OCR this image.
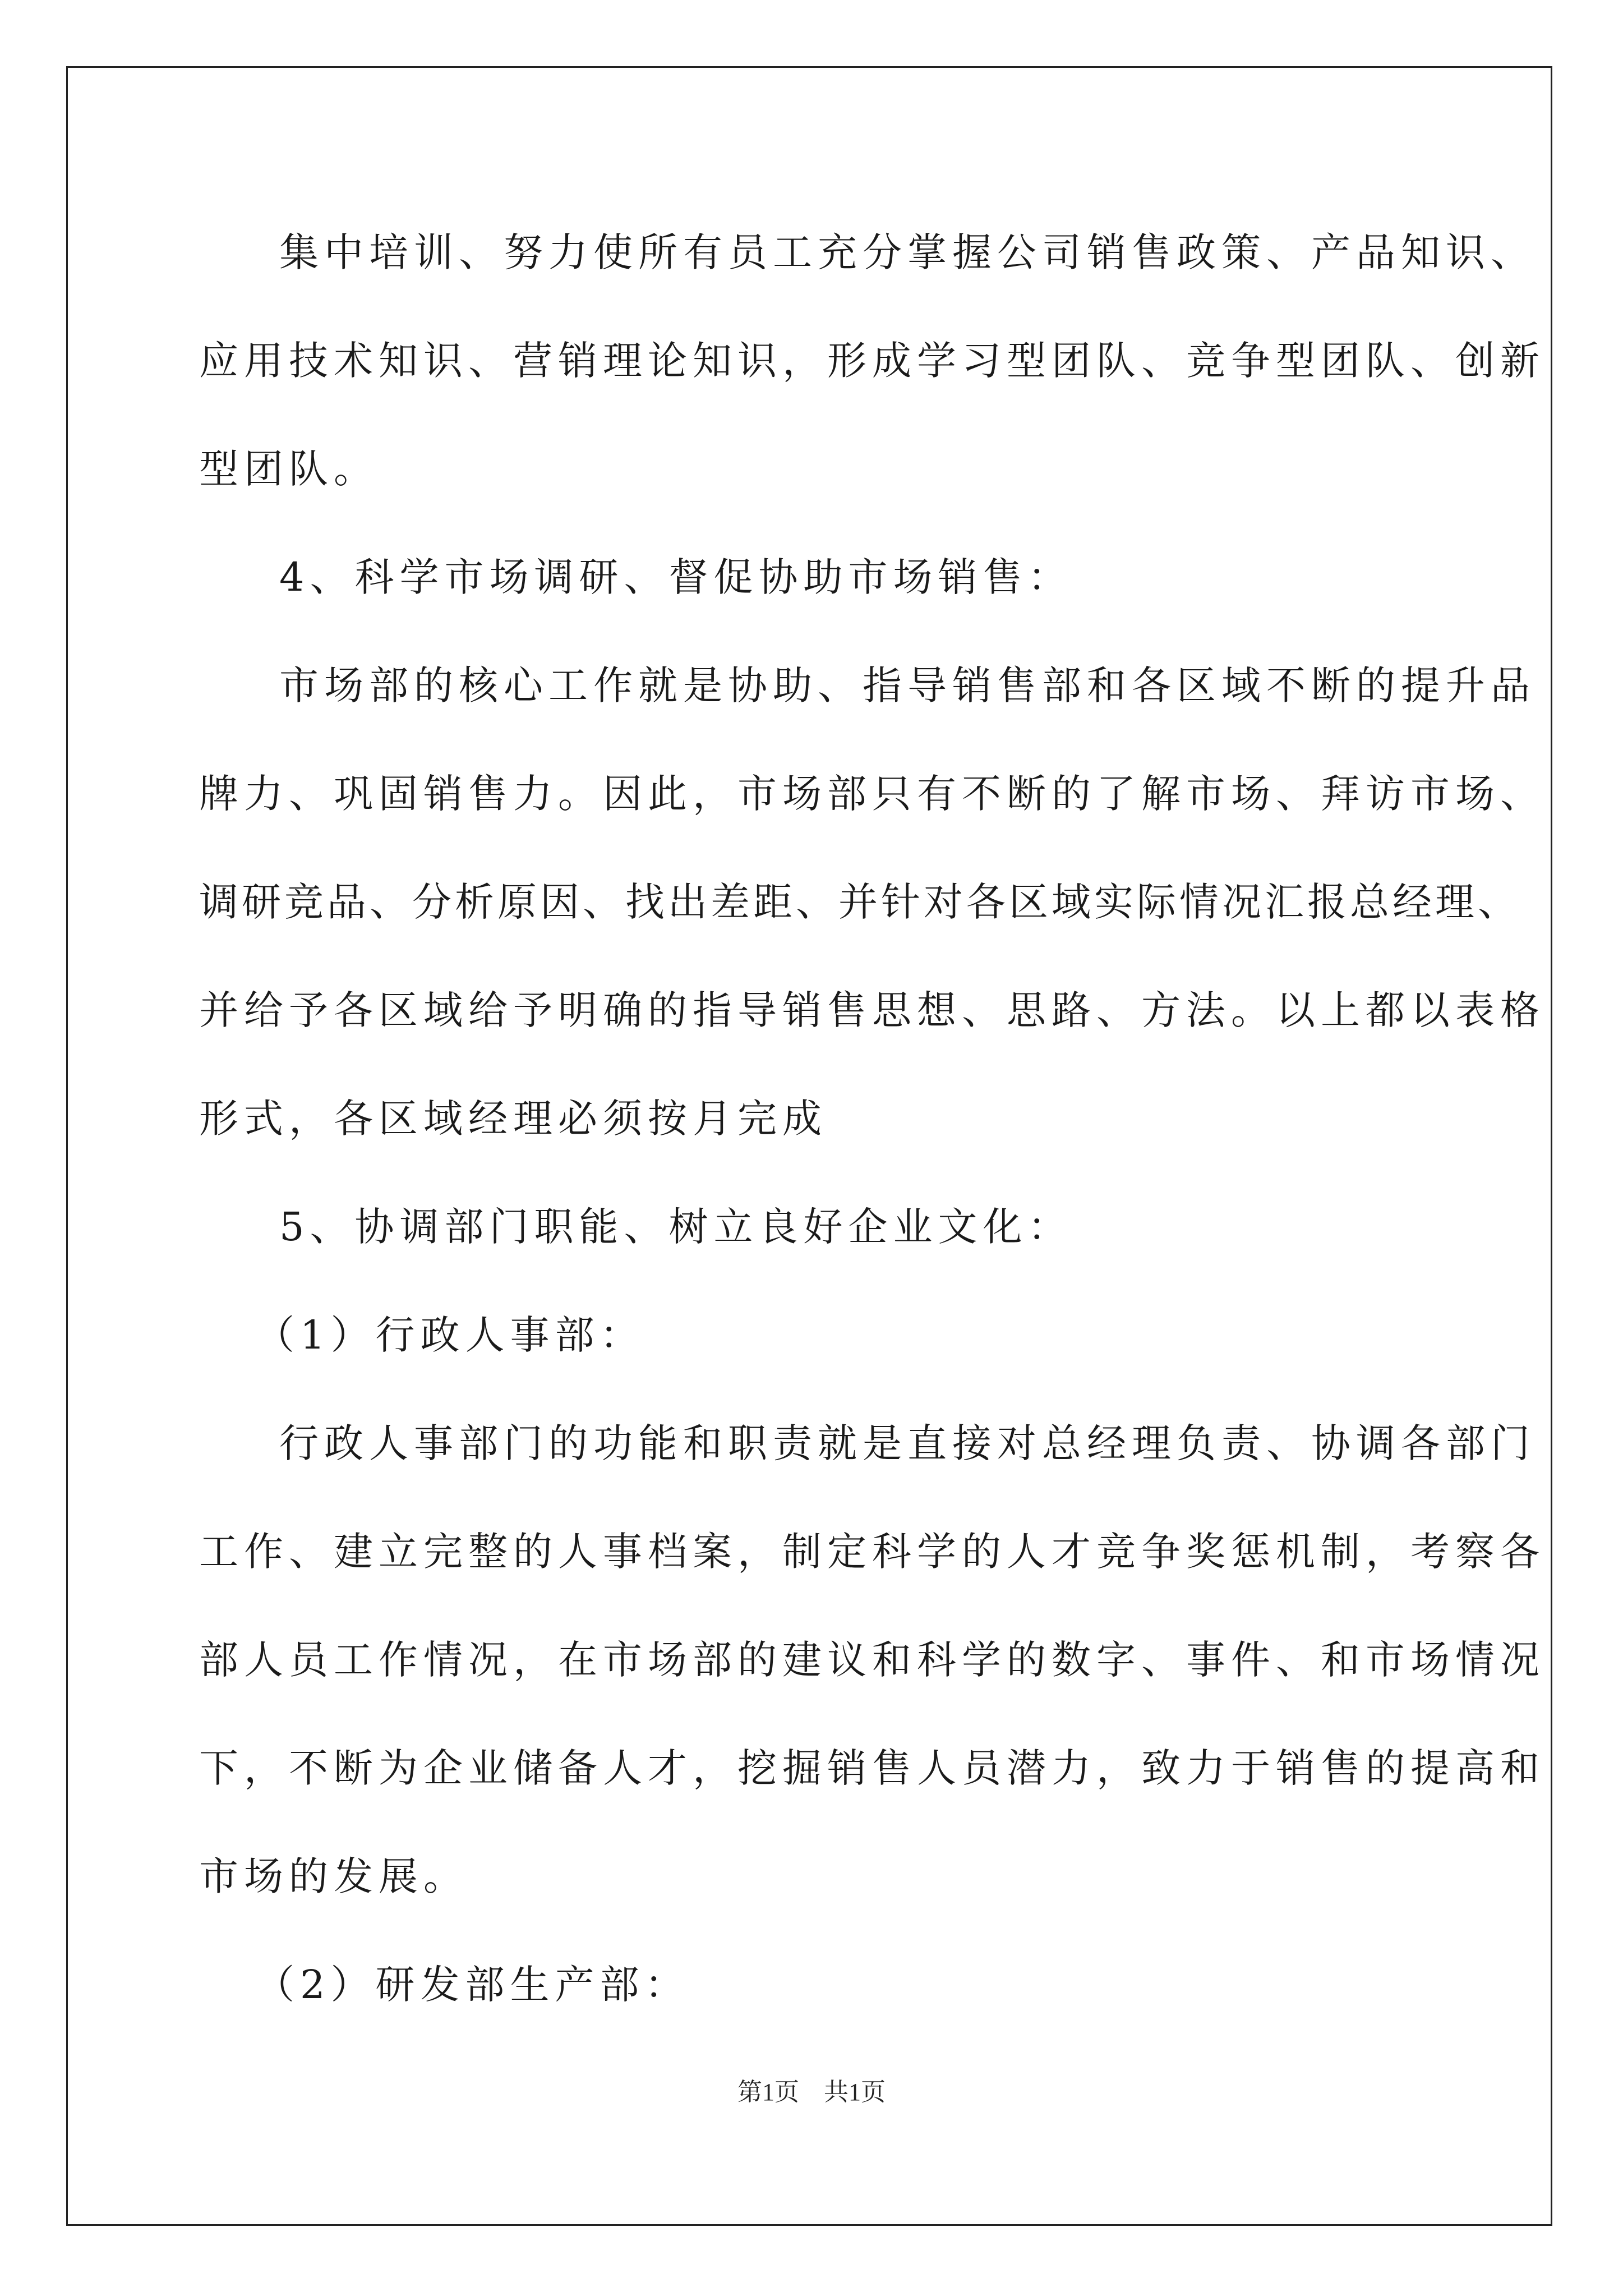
集中培训、努力使所有员工充分掌握公司销售政策、产品知识、
应用技术知识、营销理论知识，形成学习型团队、竞争型团队、创新
型团队。
4、科学市场调研、督促协助市场销售：
市场部的核心工作就是协助、指导销售部和各区域不断的提升品
牌力、巩固销售力。因此，市场部只有不断的了解市场、拜访市场、
调研竞品、分析原因、找出差距、并针对各区域实际情况汇报总经理、
并给予各区域给予明确的指导销售思想、思路、方法。以上都以表格
形式，各区域经理必须按月完成
5、协调部门职能、树立良好企业文化：
（1）行政人事部：
行政人事部门的功能和职责就是直接对总经理负责、协调各部门
工作、建立完整的人事档案，制定科学的人才竞争奖惩机制，考察各
部人员工作情况，在市场部的建议和科学的数字、事件、和市场情况
下，不断为企业储备人才，挖掘销售人员潜力，致力于销售的提高和
市场的发展。
（2）研发部生产部：
第1页　共1页
